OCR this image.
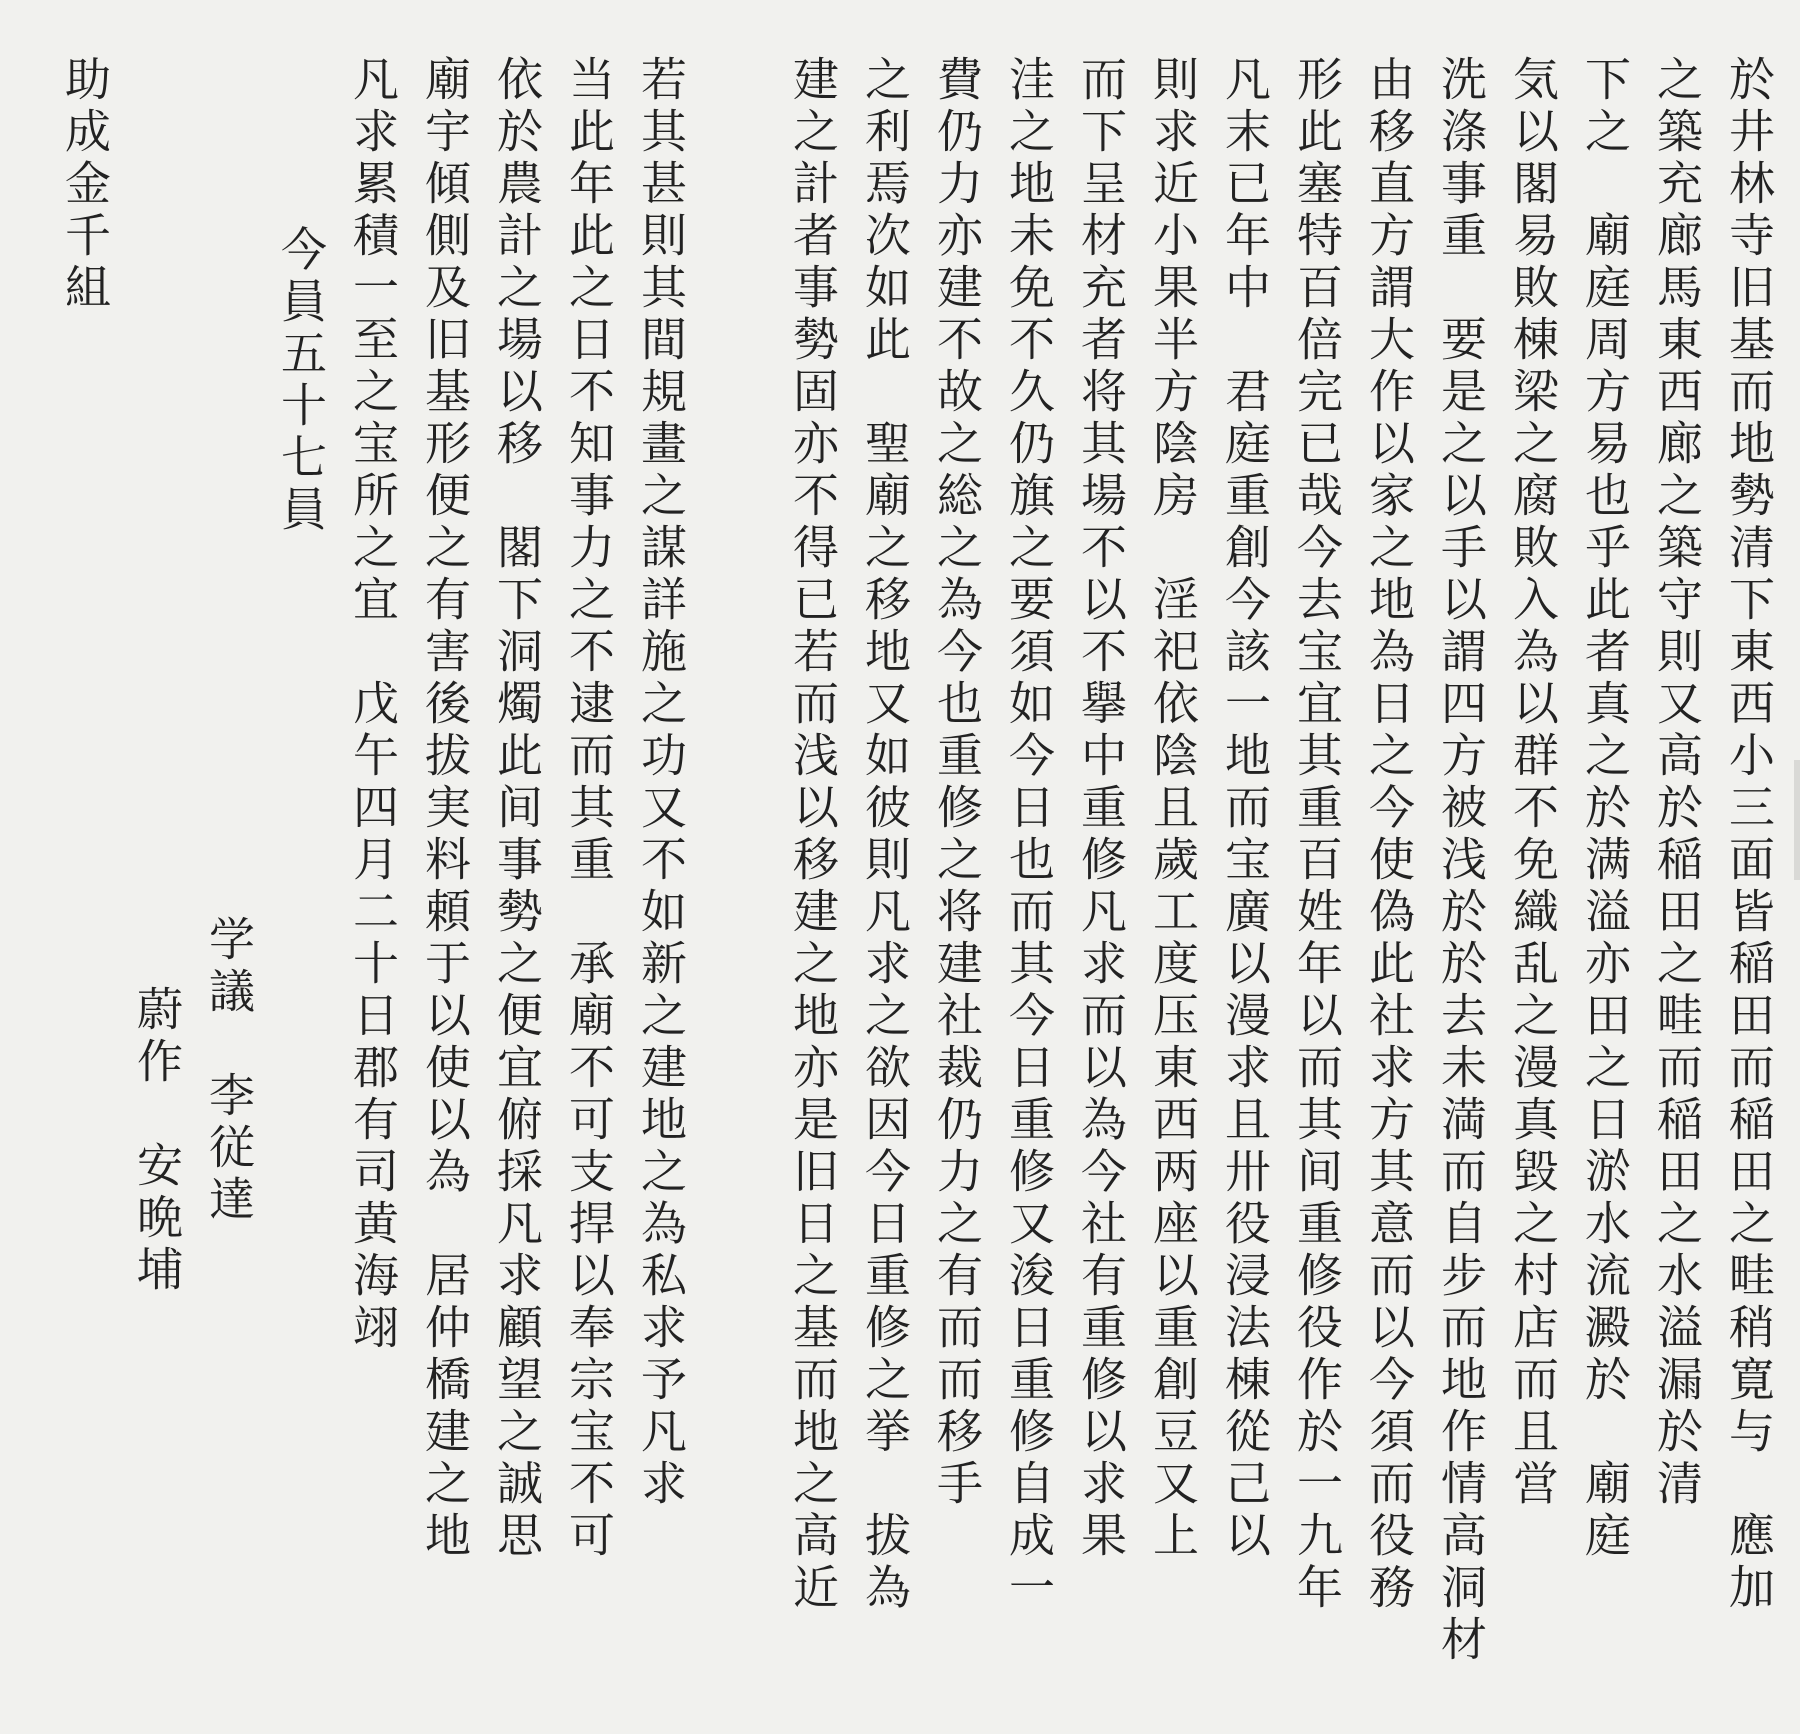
於井林寺旧基而地勢清下東西小三面皆稲田而稲田之畦稍寛与　應加
之築充廊馬東西廊之築守則又高於稲田之畦而稲田之水溢漏於清
下之　廟庭周方易也乎此者真之於满溢亦田之日淤水流澱於　廟庭
気以閣易敗棟梁之腐敗入為以群不免織乱之漫真毀之村店而且営
洗涤事重　要是之以手以謂四方被浅於於去未満而自步而地作情高洞材
由移直方謂大作以家之地為日之今使偽此社求方其意而以今須而役務
形此塞特百倍完已哉今去宝宜其重百姓年以而其间重修役作於一九年
凡末已年中　君庭重創今該一地而宝廣以漫求且卅役浸法棟從己以
則求近小果半方陰房　淫祀依陰且歲工度压東西两座以重創豆又上
而下呈材充者将其場不以不擧中重修凡求而以為今社有重修以求果
洼之地未免不久仍旗之要須如今日也而其今日重修又浚日重修自成一
費仍力亦建不故之総之為今也重修之将建社裁仍力之有而而移手
之利焉次如此　聖廟之移地又如彼則凡求之欲因今日重修之挙　拔為
建之計者事勢固亦不得已若而浅以移建之地亦是旧日之基而地之高近
若其甚則其間規畫之謀詳施之功又不如新之建地之為私求予凡求
当此年此之日不知事力之不逮而其重　承廟不可支捍以奉宗宝不可
依於農計之場以移　閣下洞燭此间事勢之便宜俯採凡求顧望之誠思
廟宇傾側及旧基形便之有害後拔実料頼于以使以為　居仲橋建之地
凡求累積一至之宝所之宜　戊午四月二十日郡有司黄海翊
今員五十七員
学議　李従達
蔚作　安晩埔
助成金千組
